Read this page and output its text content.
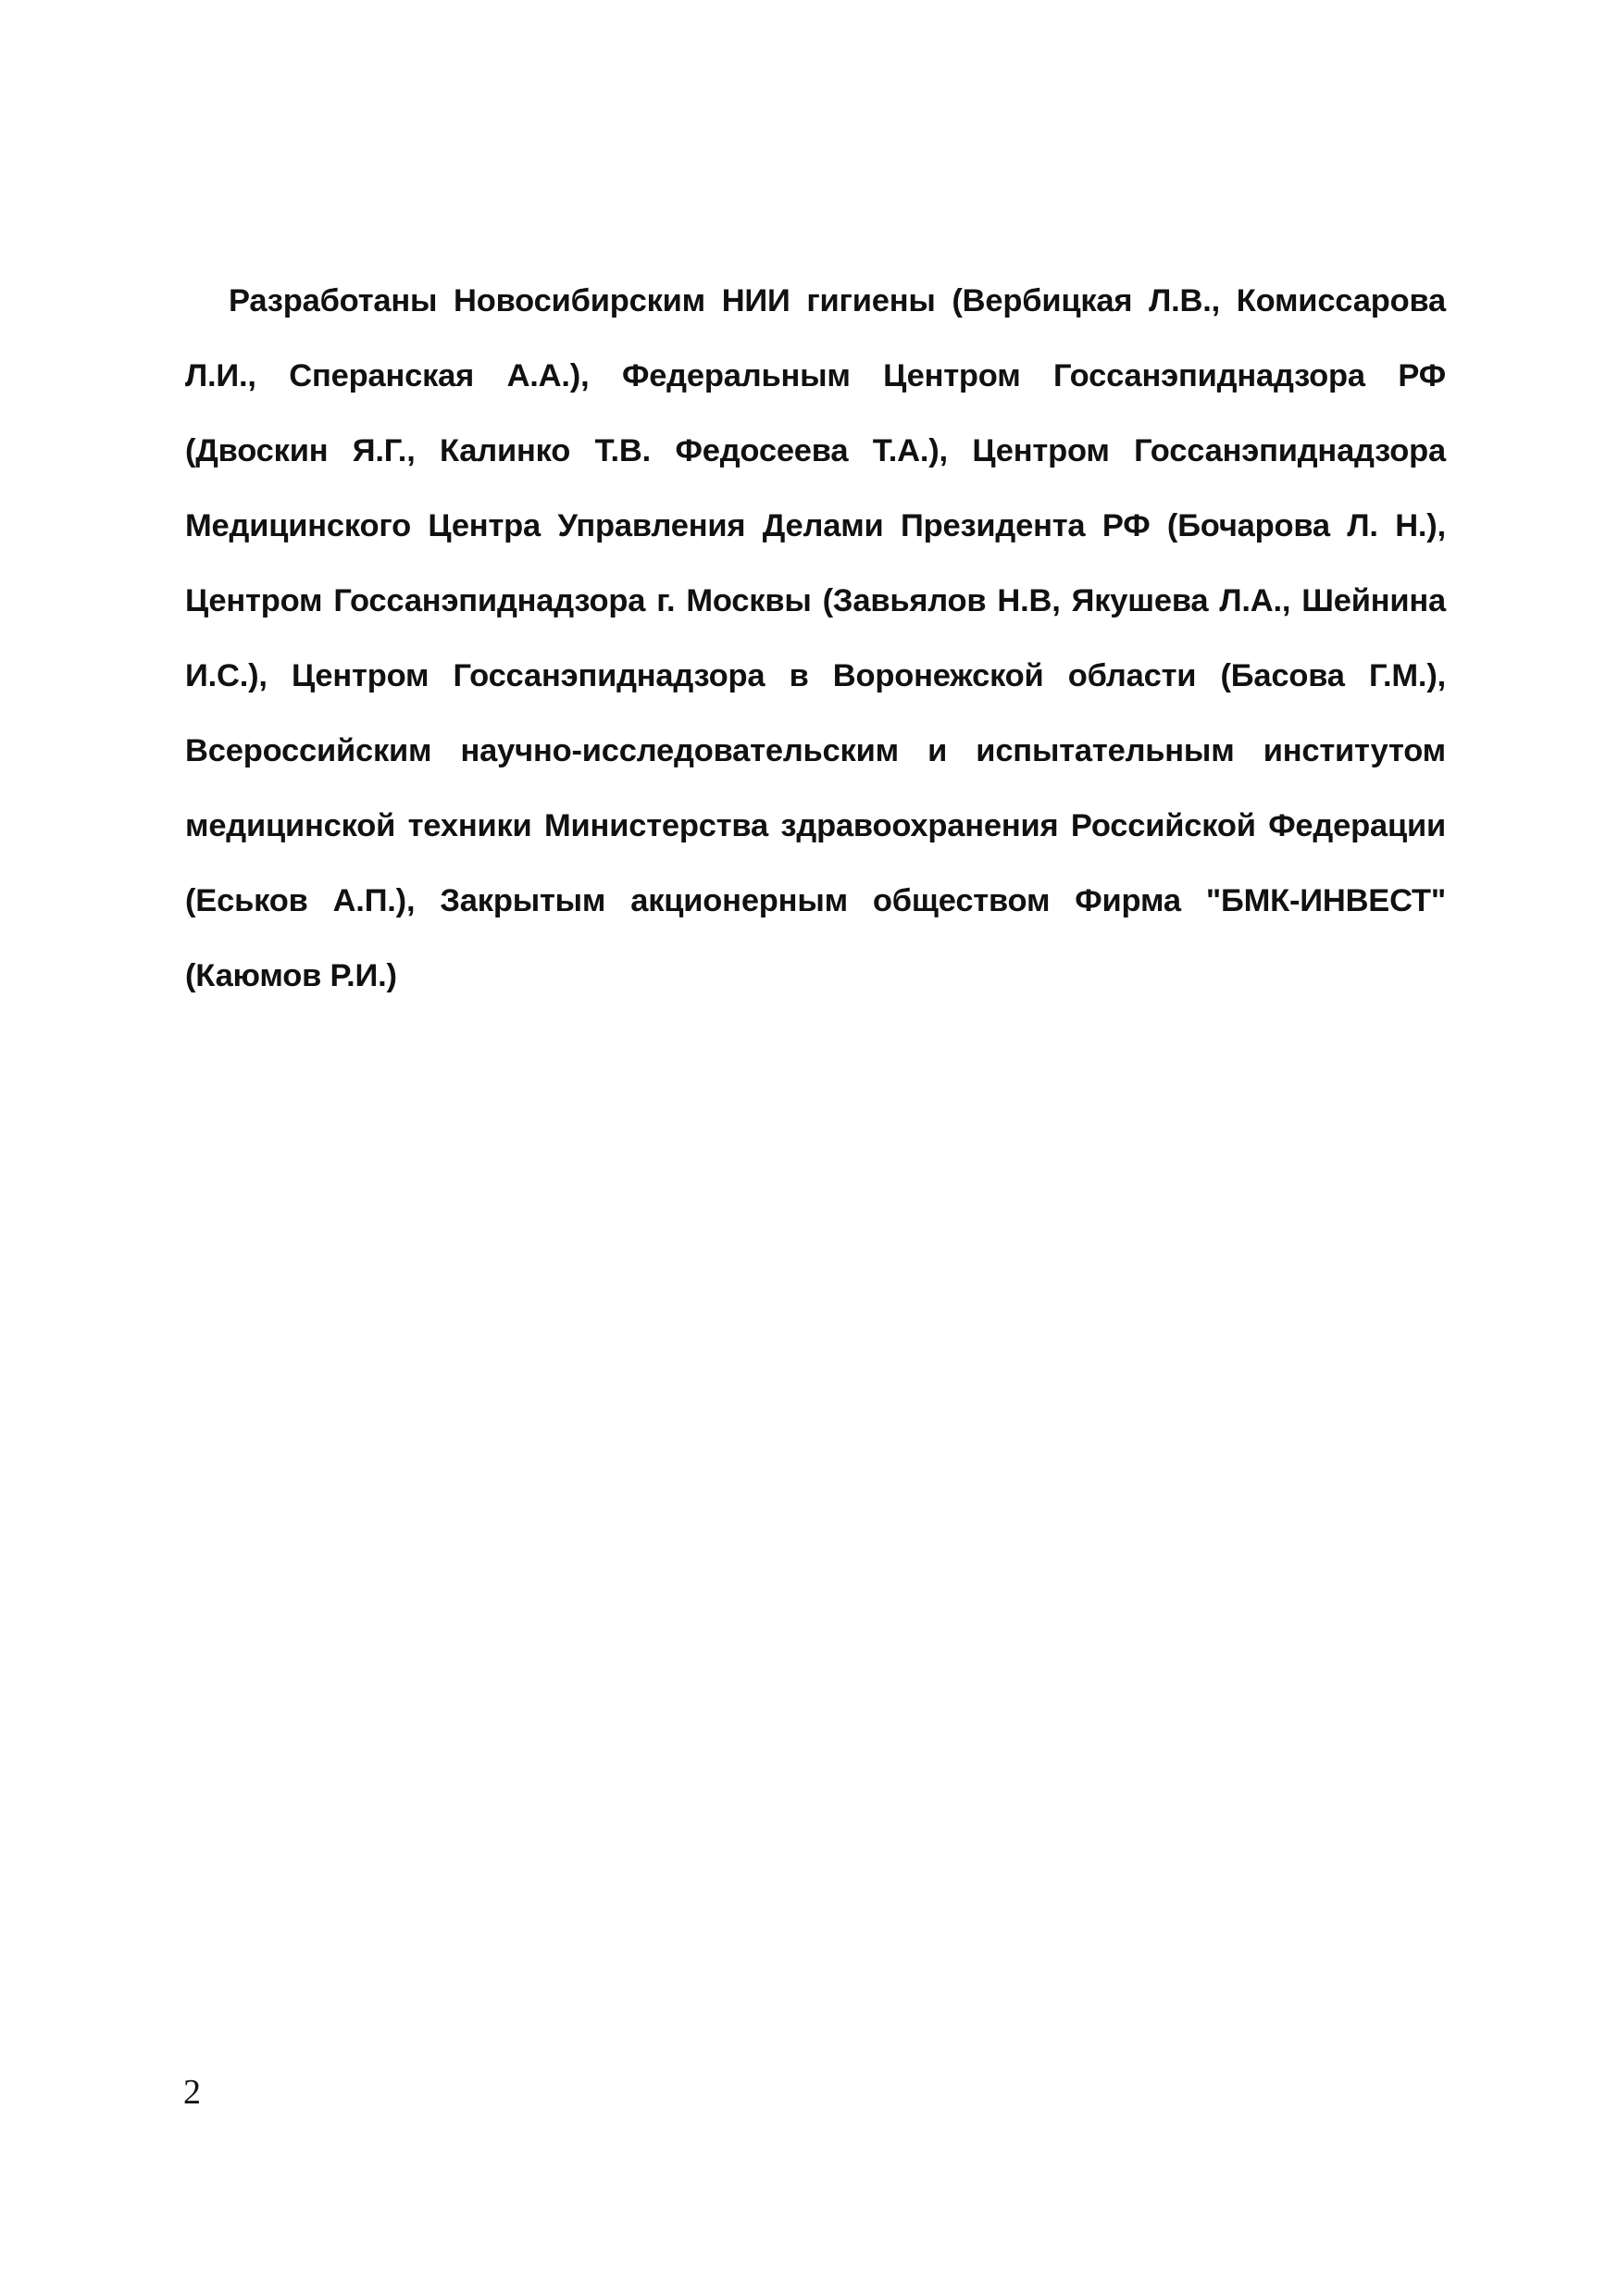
Разработаны Новосибирским НИИ гигиены (Вербицкая Л.В., Комиссарова Л.И., Сперанская А.А.), Федеральным Центром Госсанэпиднадзора РФ (Двоскин Я.Г., Калинко Т.В. Федосеева Т.А.), Центром Госсанэпиднадзора Медицинского Центра Управления Делами Президента РФ (Бочарова Л. Н.), Центром Госсанэпиднадзора г. Москвы (Завьялов Н.В, Якушева Л.А., Шейнина И.С.), Центром Госсанэпиднадзора в Воронежской области (Басова Г.М.), Всероссийским научно-исследовательским и испытательным институтом медицинской техники Министерства здравоохранения Российской Федерации (Еськов А.П.), Закрытым акционерным обществом Фирма "БМК-ИНВЕСТ" (Каюмов Р.И.)

2
